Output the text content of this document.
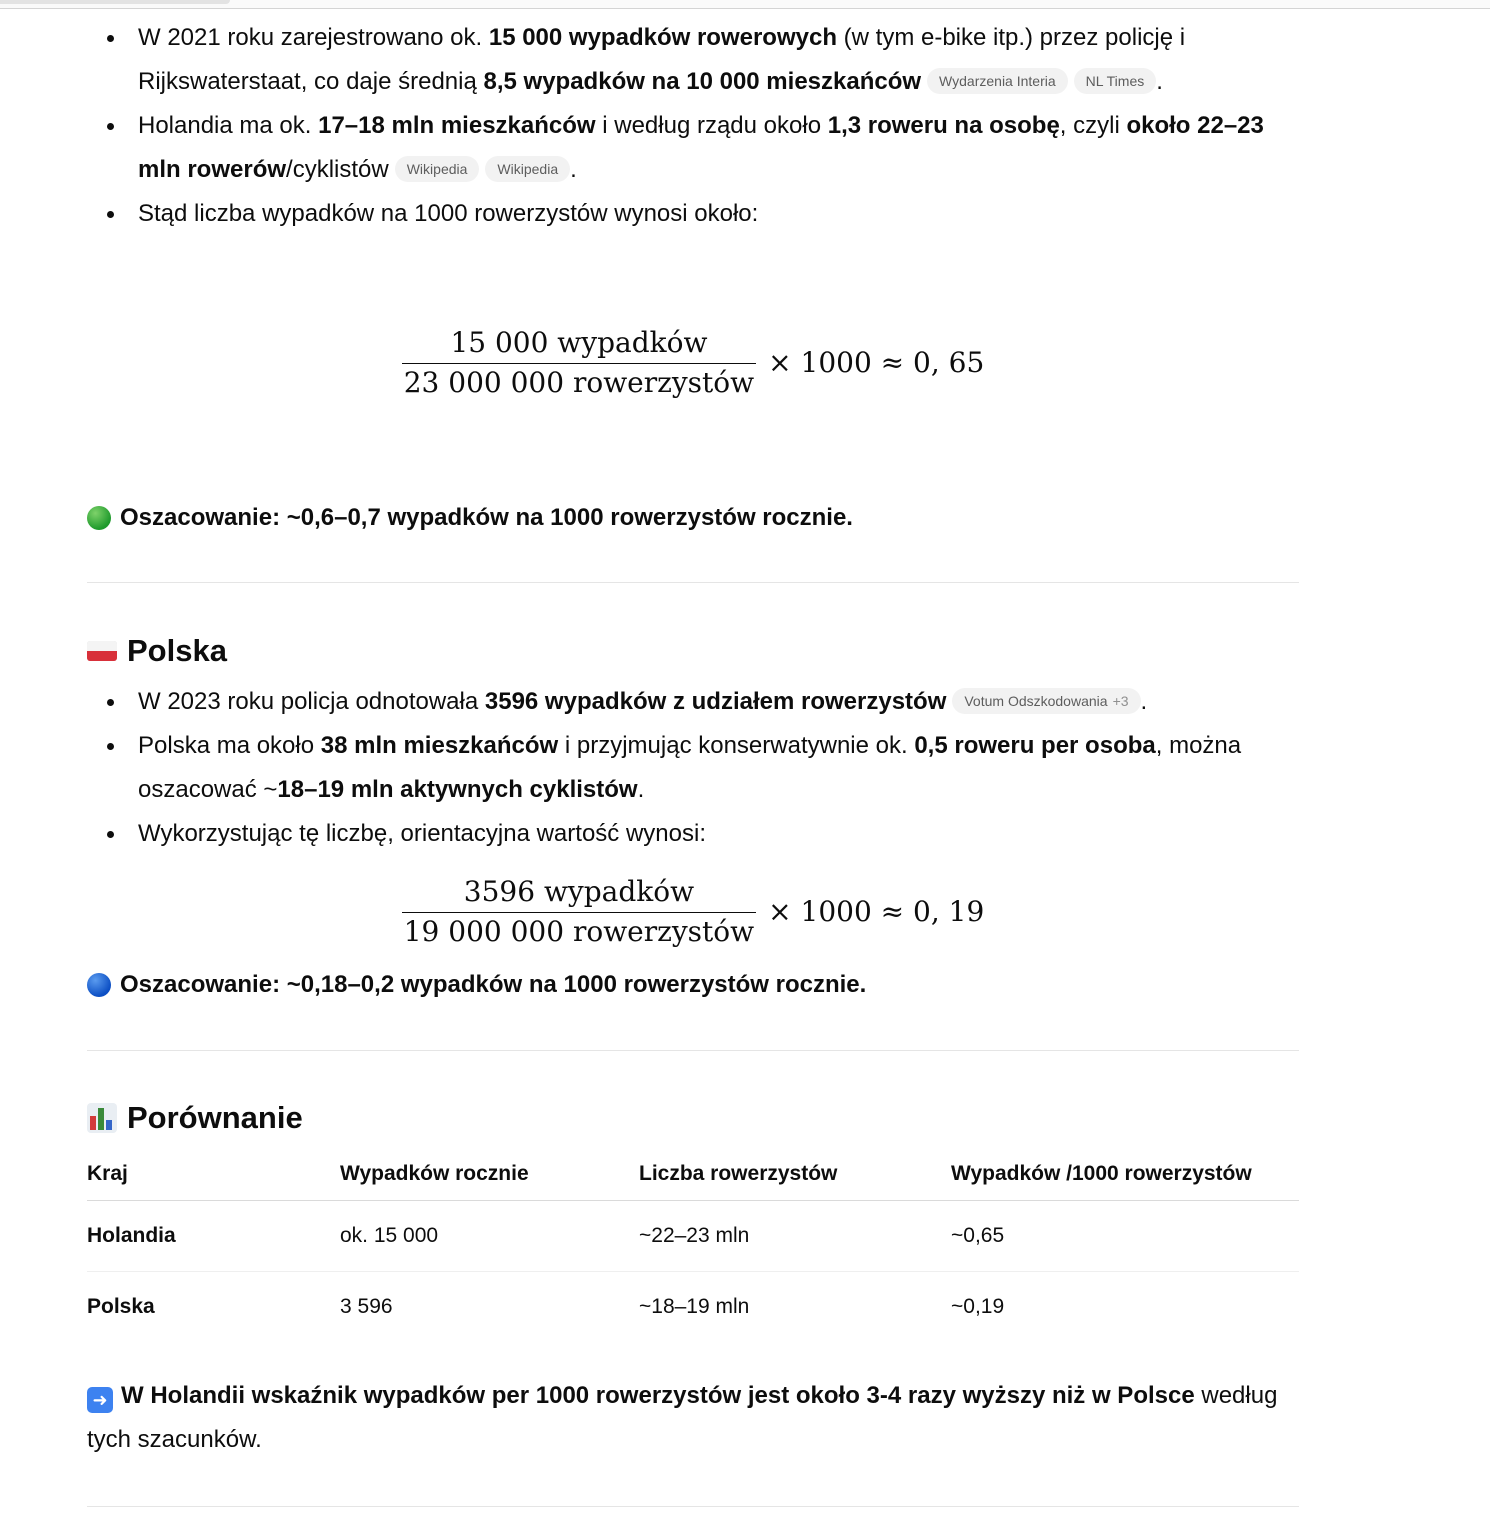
W 2021 roku zarejestrowano ok. 15 000 wypadków rowerowych (w tym e-bike itp.) przez policję i Rijkswaterstaat, co daje średnią 8,5 wypadków na 10 000 mieszkańców Wydarzenia Interia NL Times .
Holandia ma ok. 17–18 mln mieszkańców i według rządu około 1,3 roweru na osobę, czyli około 22–23 mln rowerów/cyklistów Wikipedia Wikipedia .
Stąd liczba wypadków na 1000 rowerzystów wynosi około:
$\frac{\text{15 000 wypadków}}{\text{23 000 000 rowerzystów}} \times 1000 \approx 0$, 65
Oszacowanie: ~0,6–0,7 wypadków na 1000 rowerzystów rocznie.
Polska
W 2023 roku policja odnotowała 3596 wypadków z udziałem rowerzystów Votum Odszkodowania +3 .
Polska ma około 38 mln mieszkańców i przyjmując konserwatywnie ok. 0,5 roweru per osoba, można oszacować ~18–19 mln aktywnych cyklistów.
Wykorzystując tę liczbę, orientacyjna wartość wynosi:
$\frac{\text{3596 wypadków}}{\text{19 000 000 rowerzystów}} \times 1000 \approx 0$, 19
Oszacowanie: ~0,18–0,2 wypadków na 1000 rowerzystów rocznie.
Porównanie
Kraj	Wypadków rocznie	Liczba rowerzystów	Wypadków /1000 rowerzystów
Holandia	ok. 15 000	~22–23 mln	~0,65
Polska	3 596	~18–19 mln	~0,19
➜ W Holandii wskaźnik wypadków per 1000 rowerzystów jest około 3-4 razy wyższy niż w Polsce według tych szacunków.
